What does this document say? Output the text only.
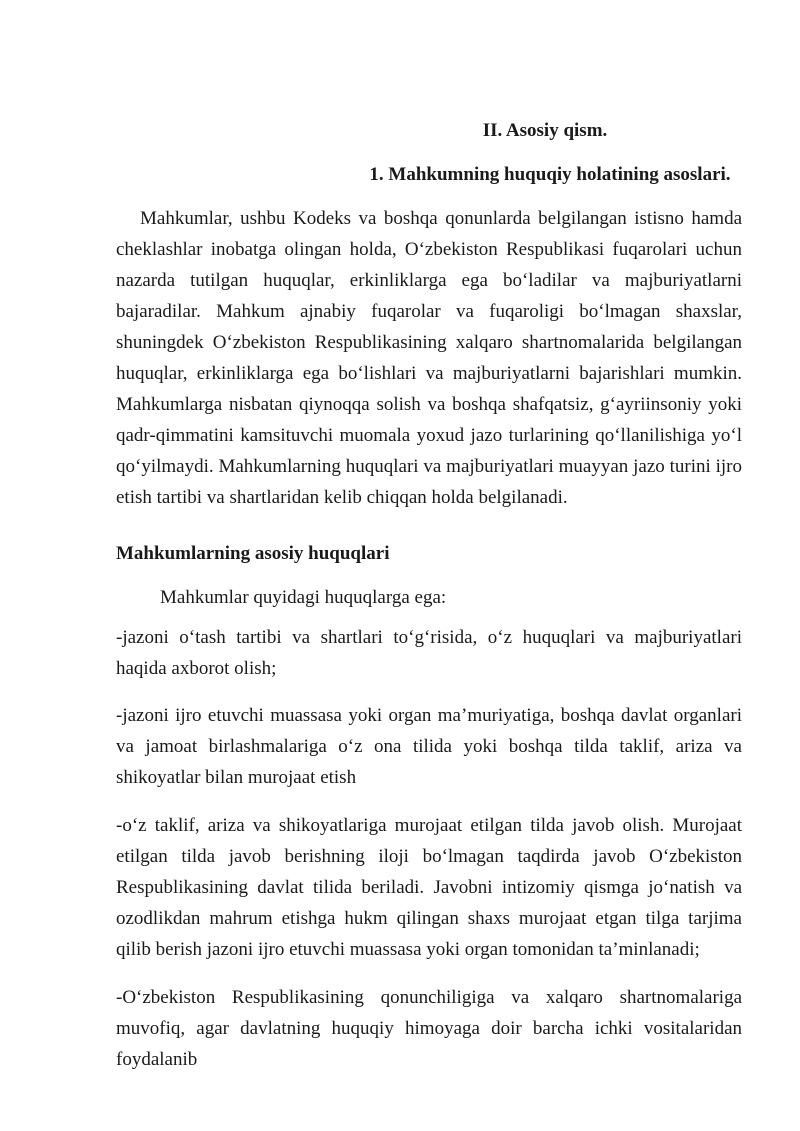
II. Asosiy qism.
1. Mahkumning huquqiy holatining asoslari.
Mahkumlar, ushbu Kodeks va boshqa qonunlarda belgilangan istisno hamda cheklashlar inobatga olingan holda, O‘zbekiston Respublikasi fuqarolari uchun nazarda tutilgan huquqlar, erkinliklarga ega bo‘ladilar va majburiyatlarni bajaradilar. Mahkum ajnabiy fuqarolar va fuqaroligi bo‘lmagan shaxslar, shuningdek O‘zbekiston Respublikasining xalqaro shartnomalarida belgilangan huquqlar, erkinliklarga ega bo‘lishlari va majburiyatlarni bajarishlari mumkin. Mahkumlarga nisbatan qiynoqqa solish va boshqa shafqatsiz, g‘ayriinsoniy yoki qadr-qimmatini kamsituvchi muomala yoxud jazo turlarining qo‘llanilishiga yo‘l qo‘yilmaydi. Mahkumlarning huquqlari va majburiyatlari muayyan jazo turini ijro etish tartibi va shartlaridan kelib chiqqan holda belgilanadi.
Mahkumlarning asosiy huquqlari
Mahkumlar quyidagi huquqlarga ega:
-jazoni o‘tash tartibi va shartlari to‘g‘risida, o‘z huquqlari va majburiyatlari haqida axborot olish;
-jazoni ijro etuvchi muassasa yoki organ ma’muriyatiga, boshqa davlat organlari va jamoat birlashmalariga o‘z ona tilida yoki boshqa tilda taklif, ariza va shikoyatlar bilan murojaat etish
-o‘z taklif, ariza va shikoyatlariga murojaat etilgan tilda javob olish. Murojaat etilgan tilda javob berishning iloji bo‘lmagan taqdirda javob O‘zbekiston Respublikasining davlat tilida beriladi. Javobni intizomiy qismga jo‘natish va ozodlikdan mahrum etishga hukm qilingan shaxs murojaat etgan tilga tarjima qilib berish jazoni ijro etuvchi muassasa yoki organ tomonidan ta’minlanadi;
-O‘zbekiston Respublikasining qonunchiligiga va xalqaro shartnomalariga muvofiq, agar davlatning huquqiy himoyaga doir barcha ichki vositalaridan foydalanib
